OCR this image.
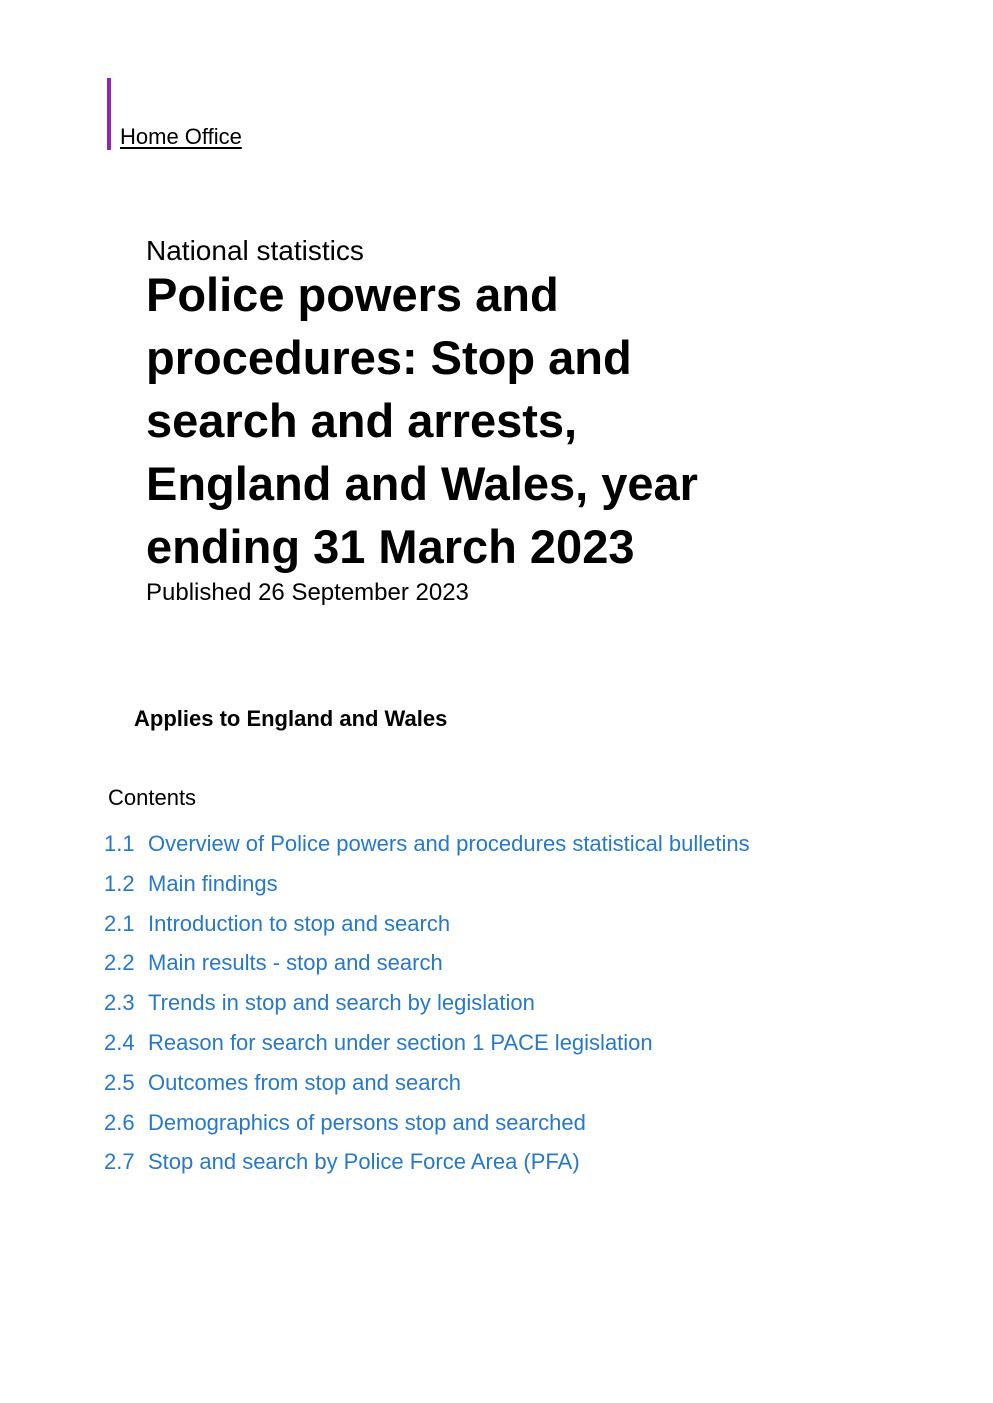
Home Office
National statistics
Police powers and
procedures: Stop and
search and arrests,
England and Wales, year
ending 31 March 2023
Published 26 September 2023
Applies to England and Wales
Contents
1.1 Overview of Police powers and procedures statistical bulletins
1.2 Main findings
2.1 Introduction to stop and search
2.2 Main results - stop and search
2.3 Trends in stop and search by legislation
2.4 Reason for search under section 1 PACE legislation
2.5 Outcomes from stop and search
2.6 Demographics of persons stop and searched
2.7 Stop and search by Police Force Area (PFA)
